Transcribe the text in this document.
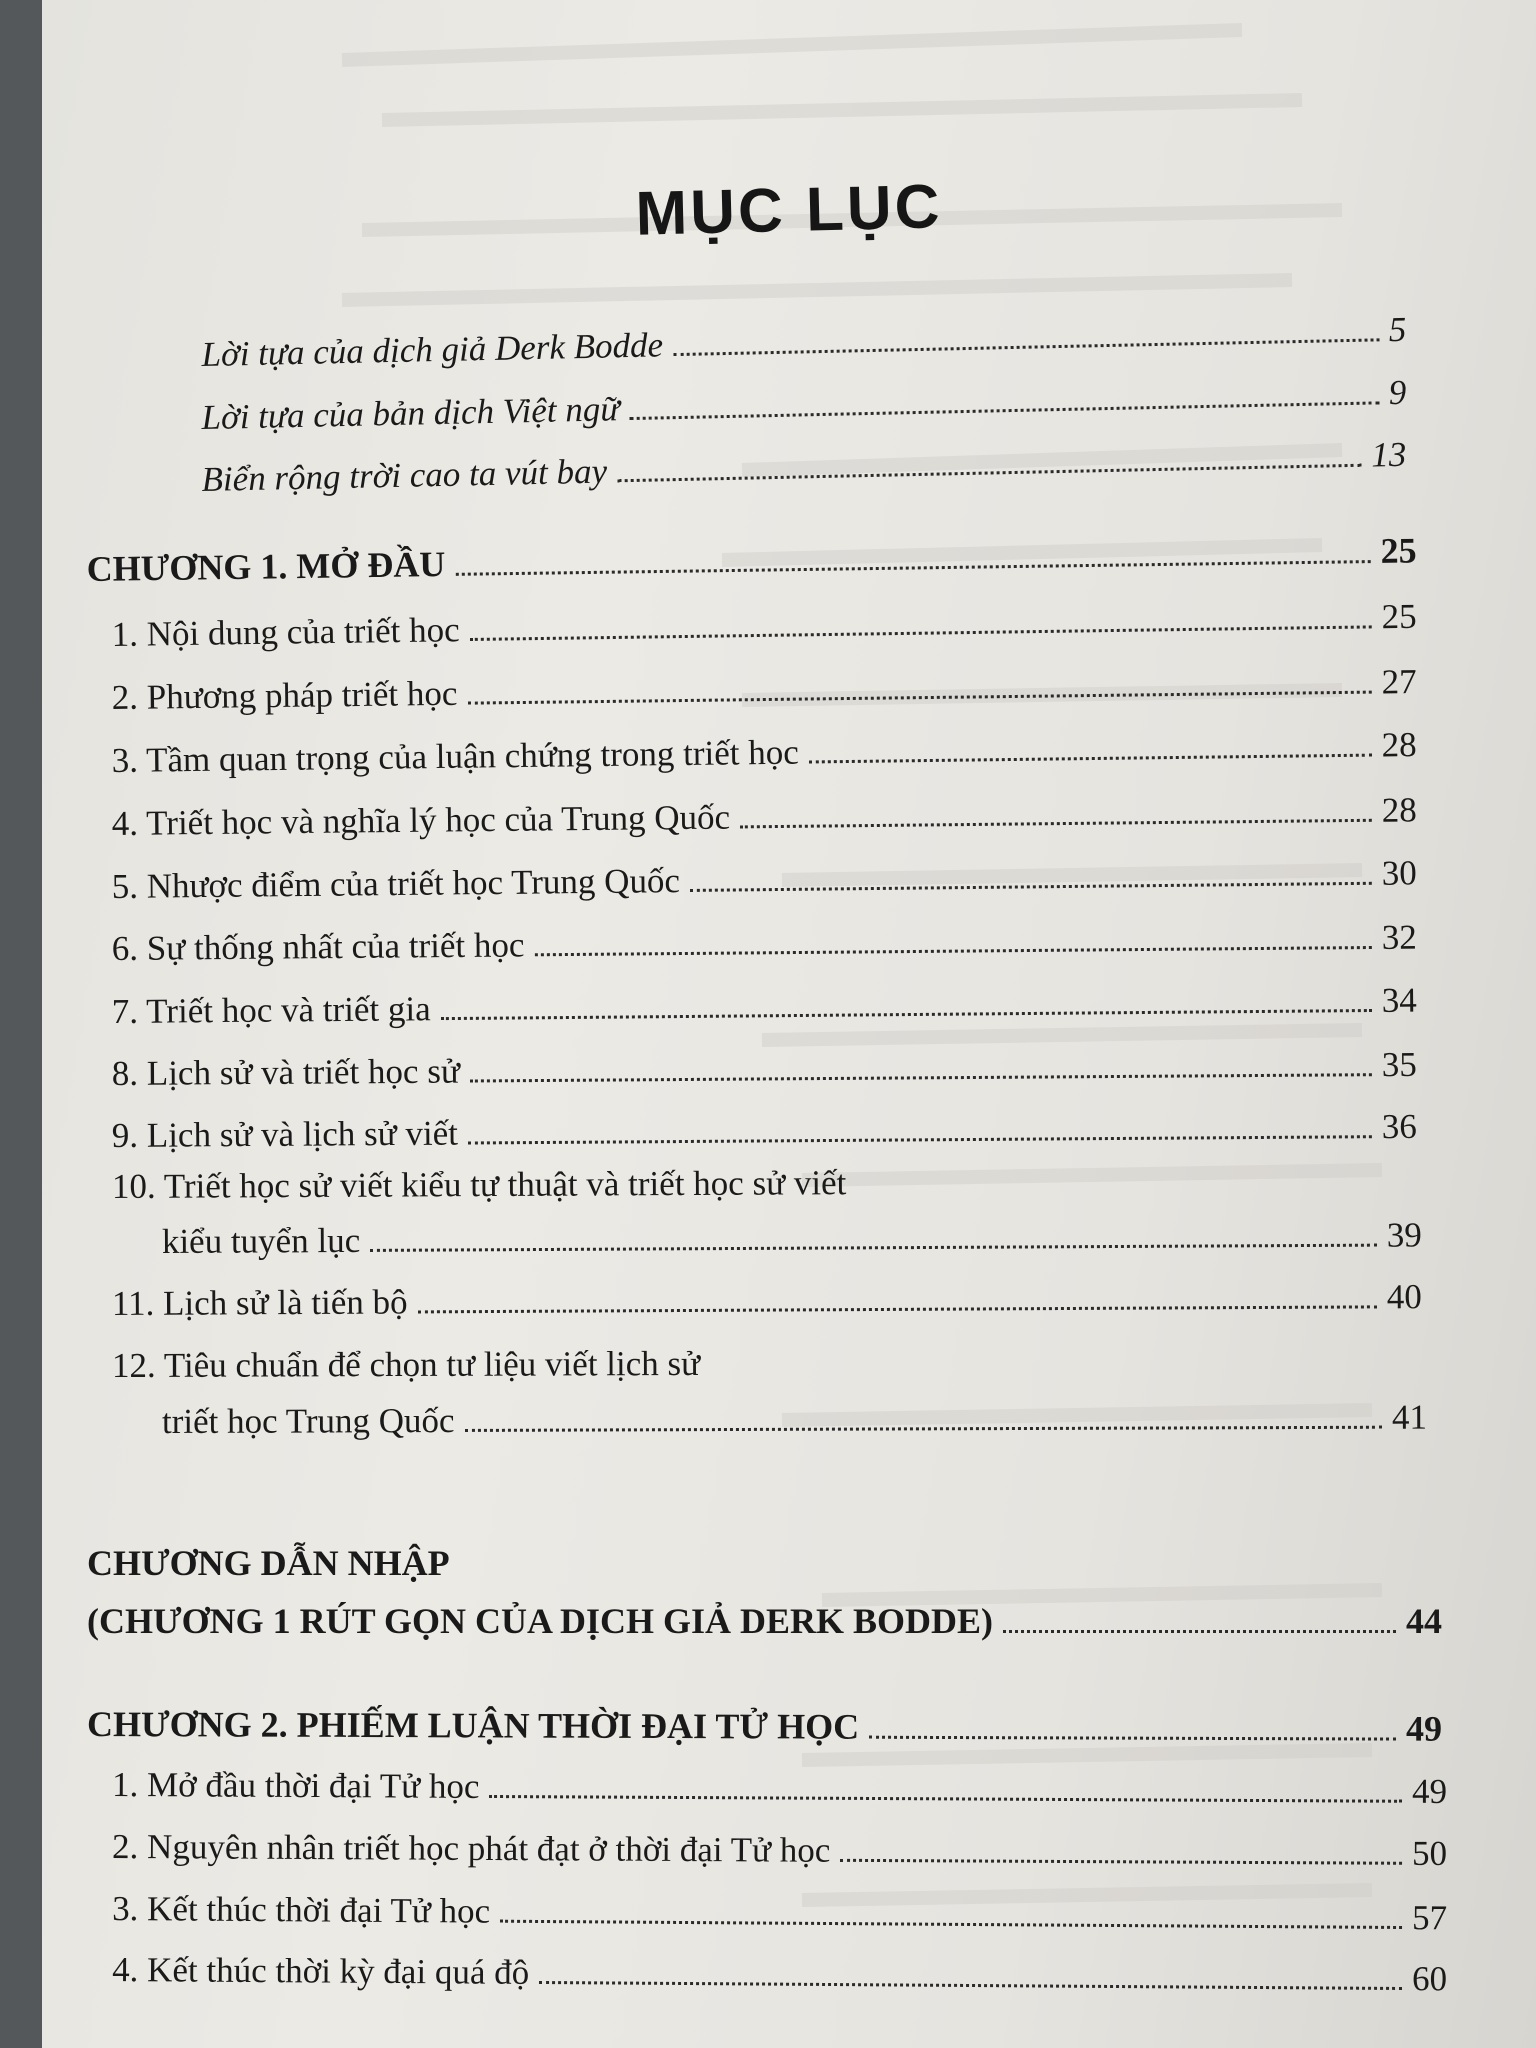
MỤC LỤC
Lời tựa của dịch giả Derk Bodde	5
Lời tựa của bản dịch Việt ngữ	9
Biển rộng trời cao ta vút bay	13
CHƯƠNG 1. MỞ ĐẦU	25
1. Nội dung của triết học	25
2. Phương pháp triết học	27
3. Tầm quan trọng của luận chứng trong triết học	28
4. Triết học và nghĩa lý học của Trung Quốc	28
5. Nhược điểm của triết học Trung Quốc	30
6. Sự thống nhất của triết học	32
7. Triết học và triết gia	34
8. Lịch sử và triết học sử	35
9. Lịch sử và lịch sử viết	36
10. Triết học sử viết kiểu tự thuật và triết học sử viết
kiểu tuyển lục	39
11. Lịch sử là tiến bộ	40
12. Tiêu chuẩn để chọn tư liệu viết lịch sử
triết học Trung Quốc	41
CHƯƠNG DẪN NHẬP
(CHƯƠNG 1 RÚT GỌN CỦA DỊCH GIẢ DERK BODDE)	44
CHƯƠNG 2. PHIẾM LUẬN THỜI ĐẠI TỬ HỌC	49
1. Mở đầu thời đại Tử học	49
2. Nguyên nhân triết học phát đạt ở thời đại Tử học	50
3. Kết thúc thời đại Tử học	57
4. Kết thúc thời kỳ đại quá độ	60
